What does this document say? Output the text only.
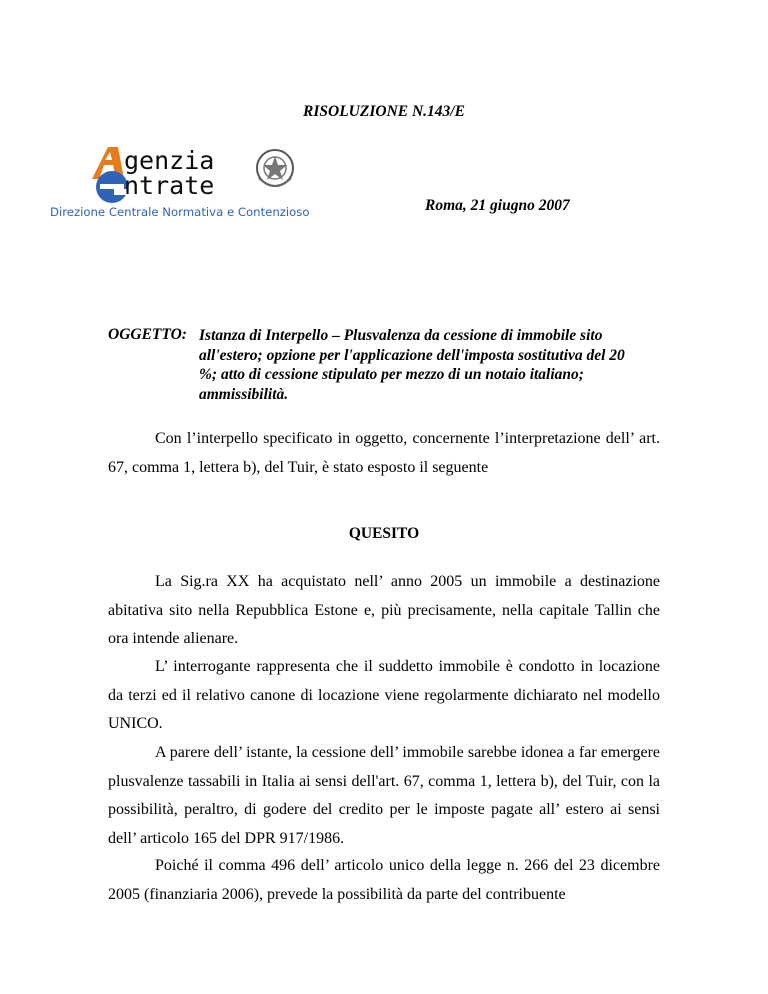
RISOLUZIONE N.143/E
genzia
ntrate
Direzione Centrale Normativa e Contenzioso	Roma, 21 giugno 2007
OGGETTO: Istanza di Interpello – Plusvalenza da cessione di immobile sito
all'estero; opzione per l'applicazione dell'imposta sostitutiva del 20
%; atto di cessione stipulato per mezzo di un notaio italiano;
ammissibilità.
Con l’interpello specificato in oggetto, concernente l’interpretazione dell’ art. 67, comma 1, lettera b), del Tuir, è stato esposto il seguente
QUESITO
La Sig.ra XX ha acquistato nell’ anno 2005 un immobile a destinazione abitativa sito nella Repubblica Estone e, più precisamente, nella capitale Tallin che ora intende alienare.
L’ interrogante rappresenta che il suddetto immobile è condotto in locazione da terzi ed il relativo canone di locazione viene regolarmente dichiarato nel modello UNICO.
A parere dell’ istante, la cessione dell’ immobile sarebbe idonea a far emergere plusvalenze tassabili in Italia ai sensi dell'art. 67, comma 1, lettera b), del Tuir, con la possibilità, peraltro, di godere del credito per le imposte pagate all’ estero ai sensi dell’ articolo 165 del DPR 917/1986.
Poiché il comma 496 dell’ articolo unico della legge n. 266 del 23 dicembre 2005 (finanziaria 2006), prevede la possibilità da parte del contribuente
